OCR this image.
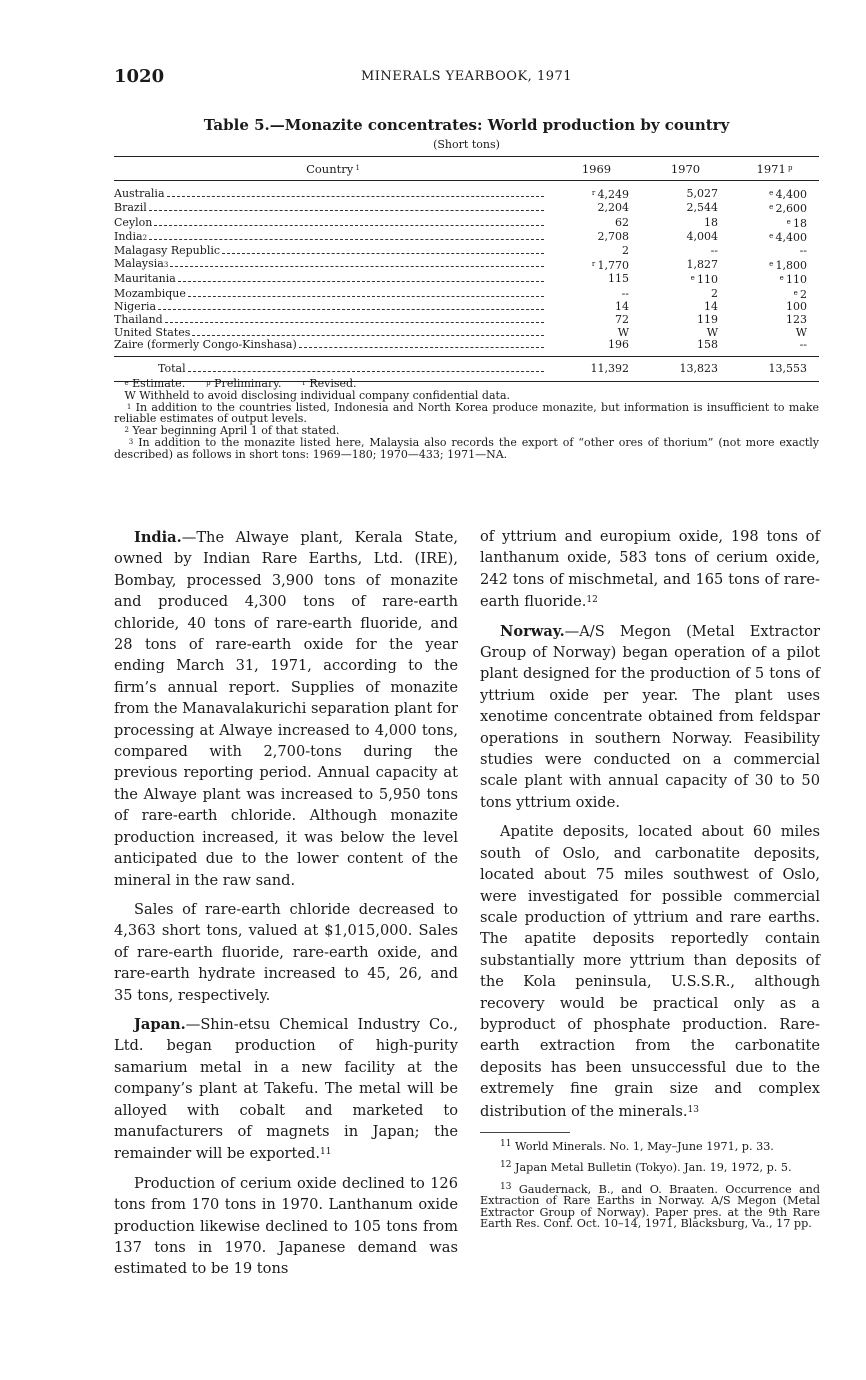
1020	MINERALS YEARBOOK, 1971
Table 5.—Monazite concentrates: World production by country
(Short tons)
Country $^1$	1969	1970	1971 $^p$

Australia	$^r$ 4,249	5,027	$^e$ 4,400

Brazil	2,204	2,544	$^e$ 2,600

Ceylon	62	18	$^e$ 18

India 2	2,708	4,004	$^e$ 4,400

Malagasy Republic	2	--	--

Malaysia 3	$^r$ 1,770	1,827	$^e$ 1,800

Mauritania	115	$^e$ 110	$^e$ 110

Mozambique	--	2	$^e$ 2

Nigeria	14	14	100

Thailand	72	119	123

United States	W	W	W

Zaire (formerly Congo-Kinshasa)	196	158	--

Total	11,392	13,823	13,553

e Estimate.	p Preliminary.	r Revised.

W Withheld to avoid disclosing individual company confidential data.

1 In addition to the countries listed, Indonesia and North Korea produce monazite, but information is insufficient to make reliable estimates of output levels.

2 Year beginning April 1 of that stated.

3 In addition to the monazite listed here, Malaysia also records the export of “other ores of thorium” (not more exactly described) as follows in short tons: 1969—180; 1970—433; 1971—NA.

India.—The Alwaye plant, Kerala State, owned by Indian Rare Earths, Ltd. (IRE), Bombay, processed 3,900 tons of monazite and produced 4,300 tons of rare-earth chloride, 40 tons of rare-earth fluoride, and 28 tons of rare-earth oxide for the year ending March 31, 1971, according to the firm’s annual report. Supplies of monazite from the Manavalakurichi separation plant for processing at Alwaye increased to 4,000 tons, compared with 2,700-tons during the previous reporting period. Annual capacity at the Alwaye plant was increased to 5,950 tons of rare-earth chloride. Although monazite production increased, it was below the level anticipated due to the lower content of the mineral in the raw sand.

Sales of rare-earth chloride decreased to 4,363 short tons, valued at $1,015,000. Sales of rare-earth fluoride, rare-earth oxide, and rare-earth hydrate increased to 45, 26, and 35 tons, respectively.

Japan.—Shin-etsu Chemical Industry Co., Ltd. began production of high-purity samarium metal in a new facility at the company’s plant at Takefu. The metal will be alloyed with cobalt and marketed to manufacturers of magnets in Japan; the remainder will be exported.$^{11}$

Production of cerium oxide declined to 126 tons from 170 tons in 1970. Lanthanum oxide production likewise declined to 105 tons from 137 tons in 1970. Japanese demand was estimated to be 19 tons

of yttrium and europium oxide, 198 tons of lanthanum oxide, 583 tons of cerium oxide, 242 tons of mischmetal, and 165 tons of rare-earth fluoride.$^{12}$

Norway.—A/S Megon (Metal Extractor Group of Norway) began operation of a pilot plant designed for the production of 5 tons of yttrium oxide per year. The plant uses xenotime concentrate obtained from feldspar operations in southern Norway. Feasibility studies were conducted on a commercial scale plant with annual capacity of 30 to 50 tons yttrium oxide.

Apatite deposits, located about 60 miles south of Oslo, and carbonatite deposits, located about 75 miles southwest of Oslo, were investigated for possible commercial scale production of yttrium and rare earths. The apatite deposits reportedly contain substantially more yttrium than deposits of the Kola peninsula, U.S.S.R., although recovery would be practical only as a byproduct of phosphate production. Rare-earth extraction from the carbonatite deposits has been unsuccessful due to the extremely fine grain size and complex distribution of the minerals.$^{13}$

$^{11}$ World Minerals. No. 1, May–June 1971, p. 33.

$^{12}$ Japan Metal Bulletin (Tokyo). Jan. 19, 1972, p. 5.

$^{13}$ Gaudernack, B., and O. Braaten. Occurrence and Extraction of Rare Earths in Norway. A/S Megon (Metal Extractor Group of Norway). Paper pres. at the 9th Rare Earth Res. Conf. Oct. 10–14, 1971, Blacksburg, Va., 17 pp.
